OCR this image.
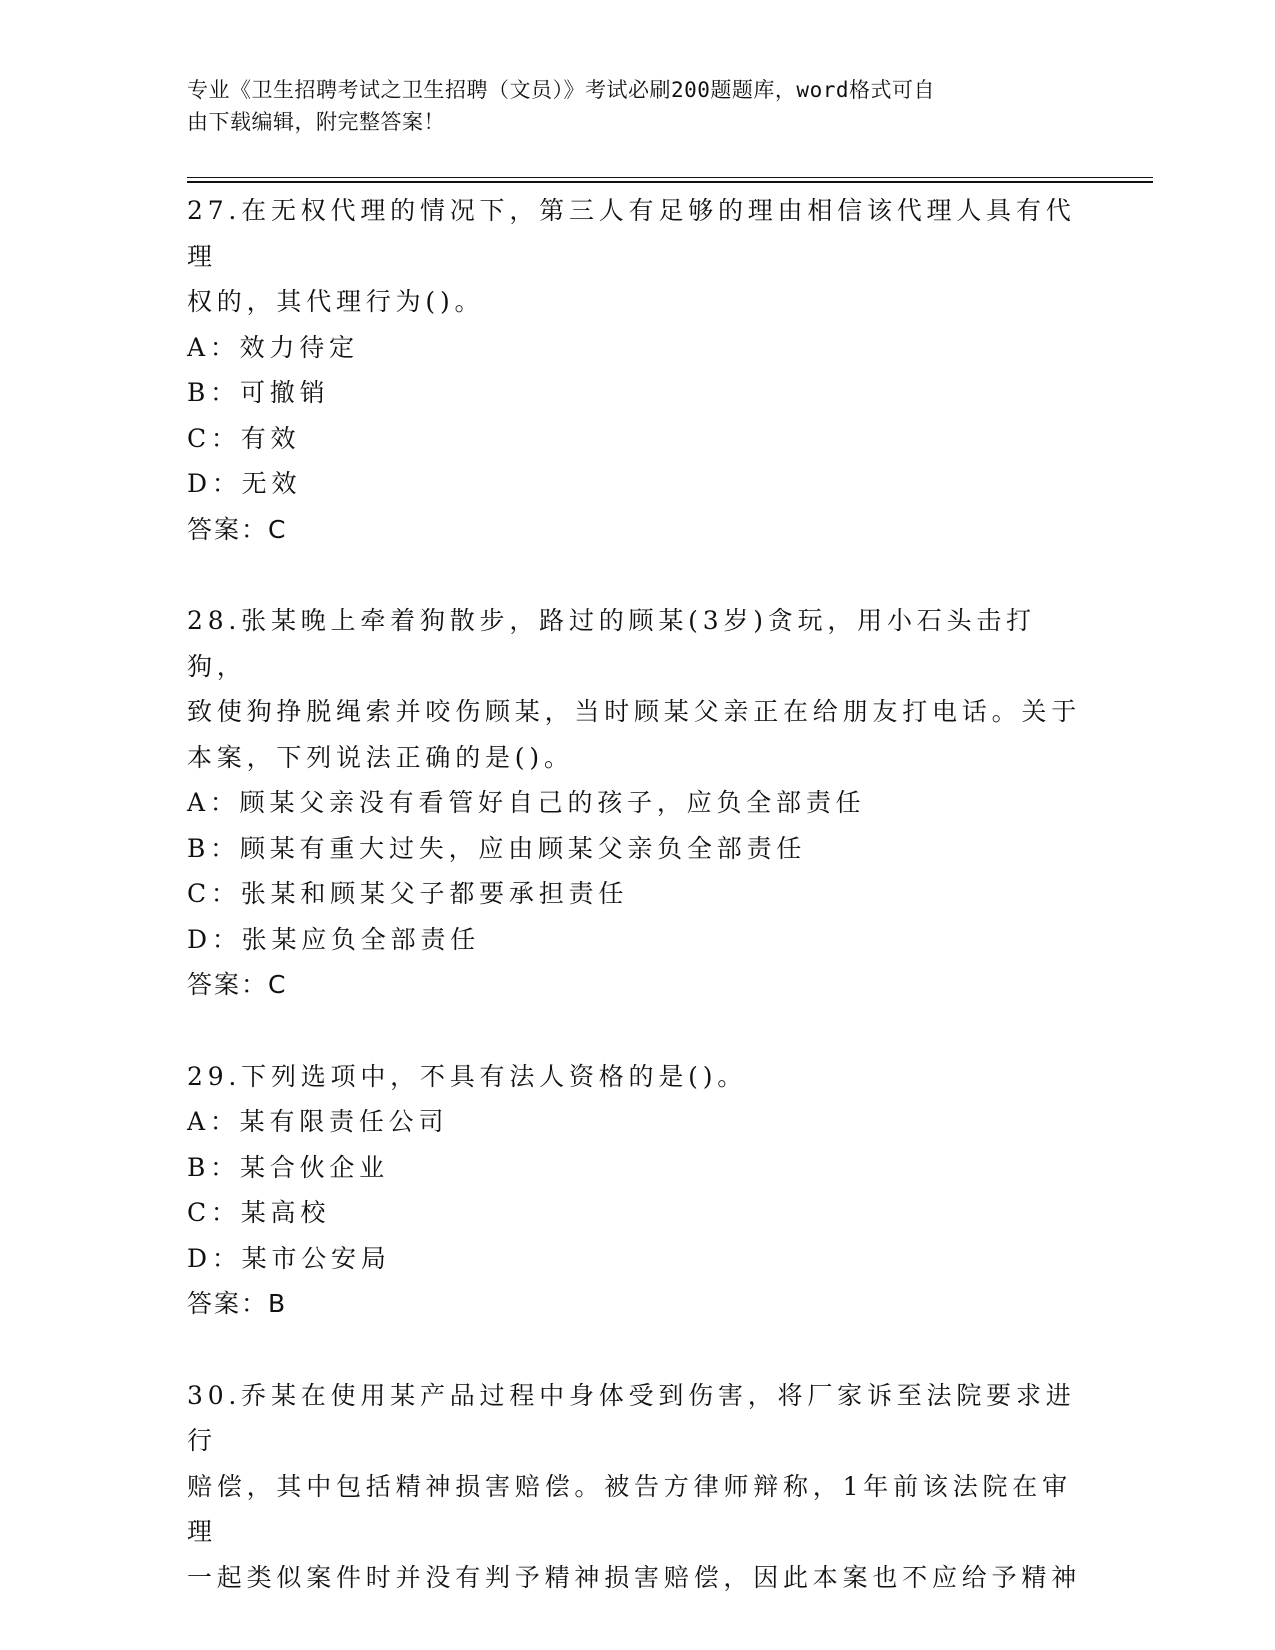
专业《卫生招聘考试之卫生招聘（文员）》考试必刷200题题库，word格式可自
由下载编辑，附完整答案！
27.在无权代理的情况下，第三人有足够的理由相信该代理人具有代理
权的，其代理行为()。
A：效力待定
B：可撤销
C：有效
D：无效
答案：C
28.张某晚上牵着狗散步，路过的顾某(3岁)贪玩，用小石头击打狗，
致使狗挣脱绳索并咬伤顾某，当时顾某父亲正在给朋友打电话。关于
本案，下列说法正确的是()。
A：顾某父亲没有看管好自己的孩子，应负全部责任
B：顾某有重大过失，应由顾某父亲负全部责任
C：张某和顾某父子都要承担责任
D：张某应负全部责任
答案：C
29.下列选项中，不具有法人资格的是()。
A：某有限责任公司
B：某合伙企业
C：某高校
D：某市公安局
答案：B
30.乔某在使用某产品过程中身体受到伤害，将厂家诉至法院要求进行
赔偿，其中包括精神损害赔偿。被告方律师辩称，1年前该法院在审理
一起类似案件时并没有判予精神损害赔偿，因此本案也不应给予精神
